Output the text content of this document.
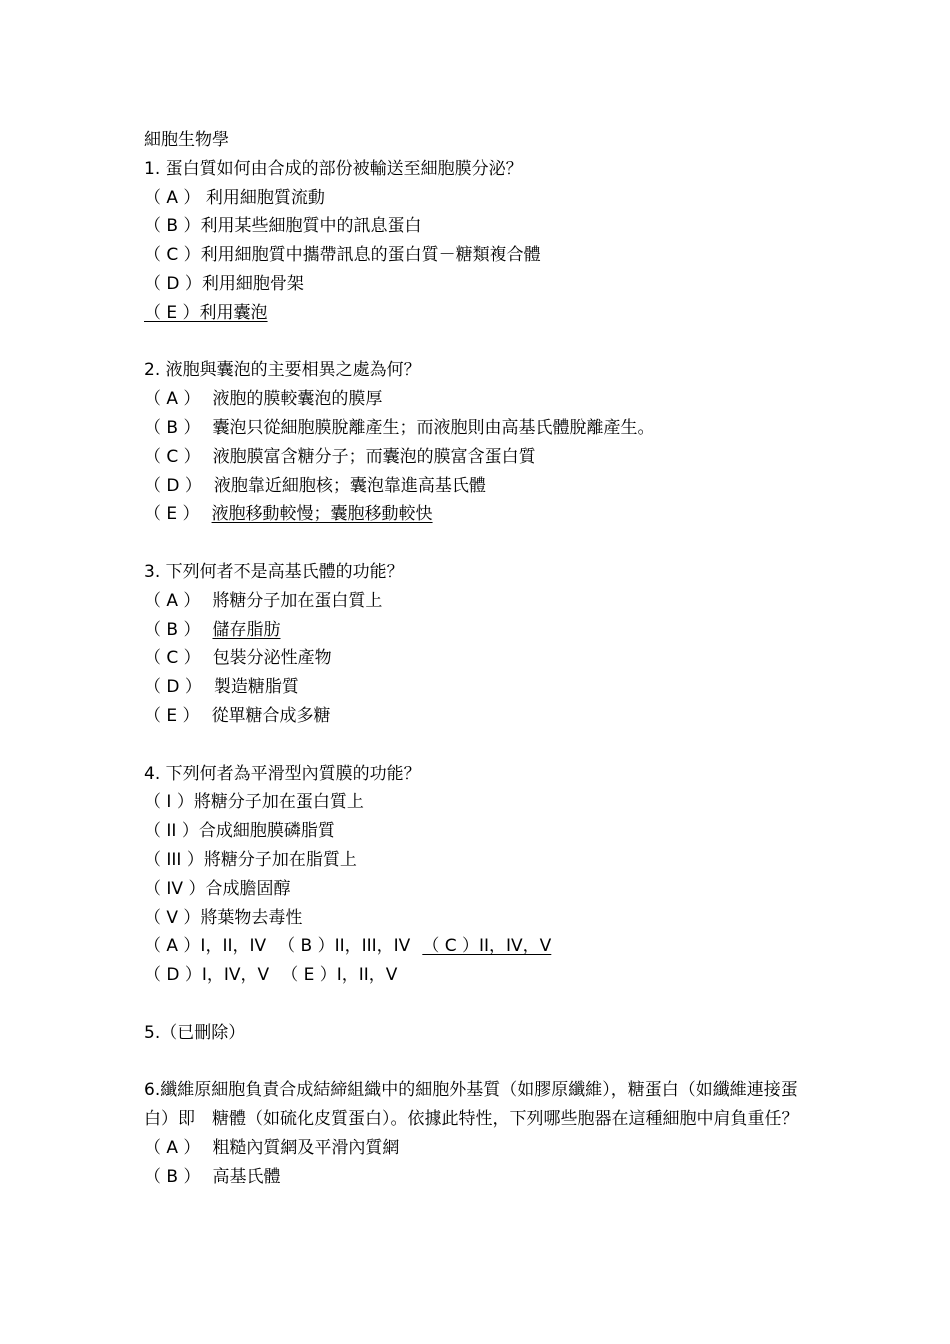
細胞生物學
1. 蛋白質如何由合成的部份被輸送至細胞膜分泌？
（ A ） 利用細胞質流動
（ B ）利用某些細胞質中的訊息蛋白
（ C ）利用細胞質中攜帶訊息的蛋白質－糖類複合體
（ D ）利用細胞骨架
（ E ）利用囊泡
2. 液胞與囊泡的主要相異之處為何？
（ A ） 液胞的膜較囊泡的膜厚
（ B ） 囊泡只從細胞膜脫離產生；而液胞則由高基氏體脫離產生。
（ C ） 液胞膜富含糖分子；而囊泡的膜富含蛋白質
（ D ） 液胞靠近細胞核；囊泡靠進高基氏體
（ E ） 液胞移動較慢；囊胞移動較快
3. 下列何者不是高基氏體的功能？
（ A ） 將糖分子加在蛋白質上
（ B ） 儲存脂肪
（ C ） 包裝分泌性產物
（ D ） 製造糖脂質
（ E ） 從單糖合成多糖
4. 下列何者為平滑型內質膜的功能？
（ I ）將糖分子加在蛋白質上
（ II ）合成細胞膜磷脂質
（ III ）將糖分子加在脂質上
（ IV ）合成膽固醇
（ V ）將葉物去毒性
（ A ）I，II，IV （ B ）II，III，IV （ C ）II，IV，V
（ D ）I，IV，V （ E ）I，II，V
5.（已刪除）
6.纖維原細胞負責合成結締組織中的細胞外基質（如膠原纖維），糖蛋白（如纖維連接蛋白）即　糖體（如硫化皮質蛋白）。依據此特性，下列哪些胞器在這種細胞中肩負重任？
（ A ） 粗糙內質網及平滑內質網
（ B ） 高基氏體
